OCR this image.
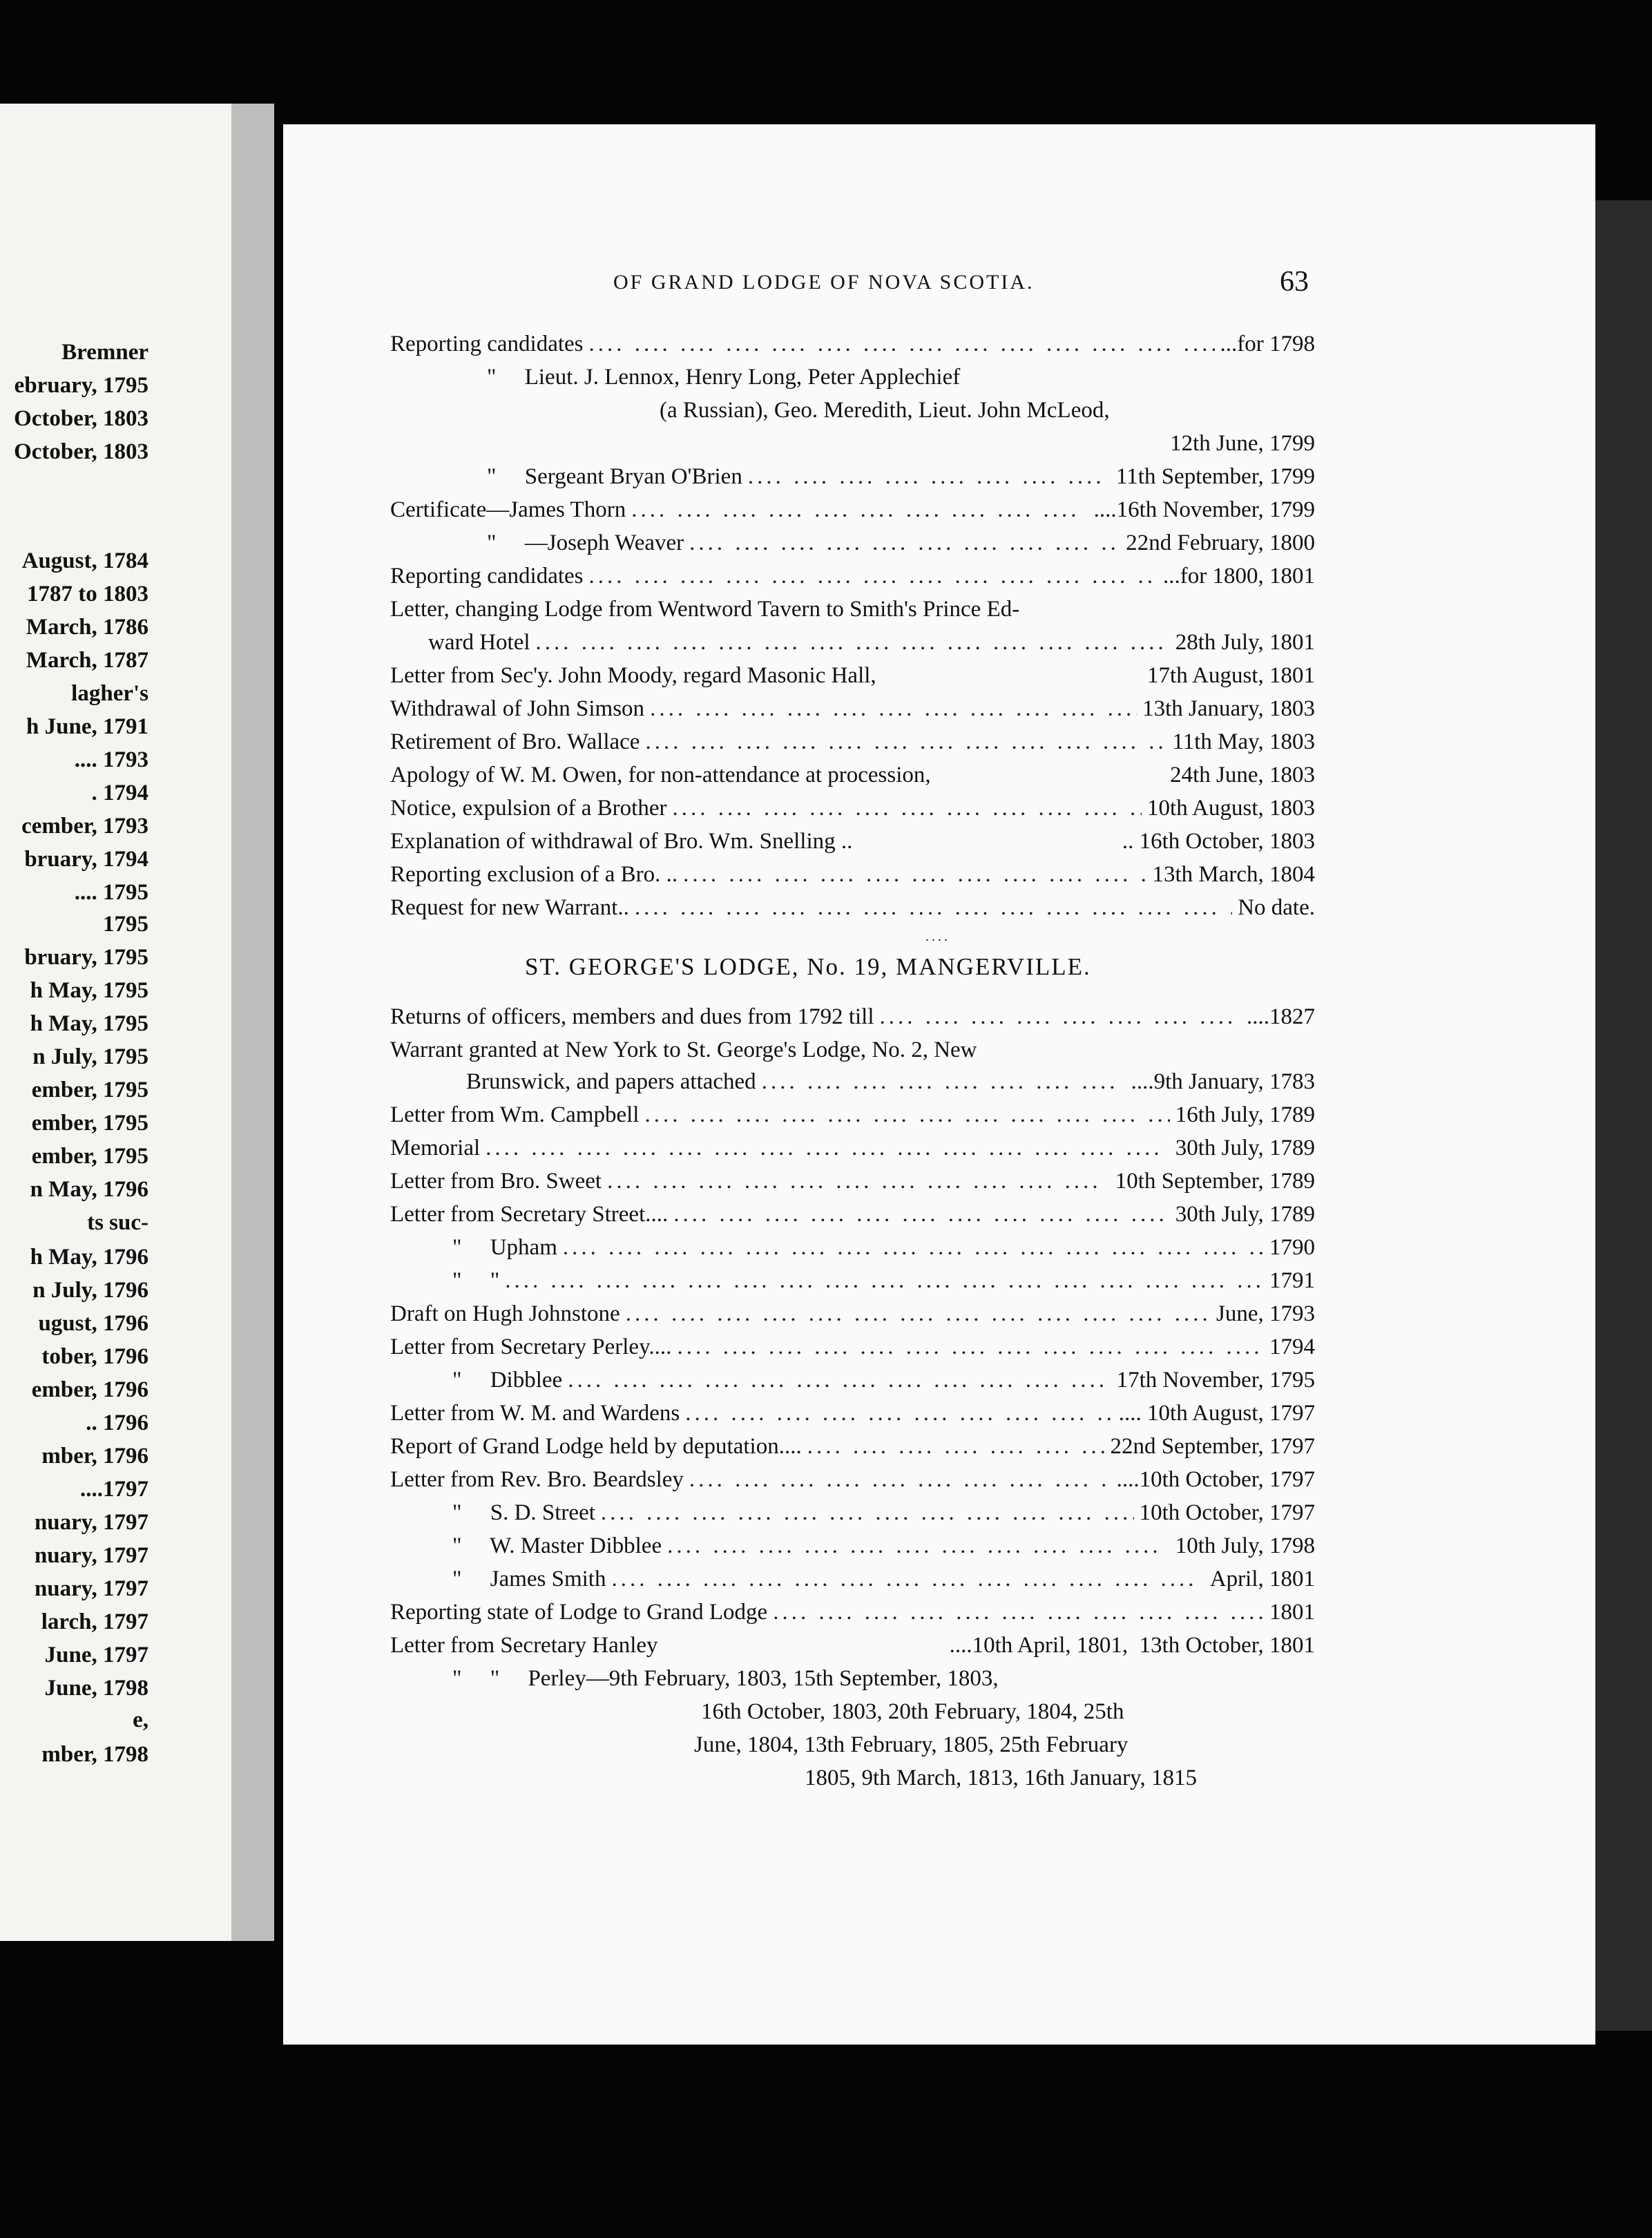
Bremner
ebruary, 1795
October, 1803
October, 1803
August, 1784
1787 to 1803
March, 1786
March, 1787
lagher's
h June, 1791
.... 1793
. 1794
cember, 1793
bruary, 1794
.... 1795
1795
bruary, 1795
h May, 1795
h May, 1795
n July, 1795
ember, 1795
ember, 1795
ember, 1795
n May, 1796
ts suc-
h May, 1796
n July, 1796
ugust, 1796
tober, 1796
ember, 1796
.. 1796
mber, 1796
....1797
nuary, 1797
nuary, 1797
nuary, 1797
larch, 1797
June, 1797
June, 1798
e,
mber, 1798
OF GRAND LODGE OF NOVA SCOTIA.	63
Reporting candidates ....	...for 1798
"     Lieut. J. Lennox, Henry Long, Peter Applechief
(a Russian), Geo. Meredith, Lieut. John McLeod,
12th June, 1799
"     Sergeant Bryan O'Brien ....	11th September, 1799
Certificate—James Thorn ....	....16th November, 1799
"     —Joseph Weaver ....	22nd February, 1800
Reporting candidates ....	...for 1800, 1801
Letter, changing Lodge from Wentword Tavern to Smith's Prince Ed-
ward Hotel ....	28th July, 1801
Letter from Sec'y. John Moody, regard Masonic Hall,	17th August, 1801
Withdrawal of John Simson ....	13th January, 1803
Retirement of Bro. Wallace ....	11th May, 1803
Apology of W. M. Owen, for non-attendance at procession,	24th June, 1803
Notice, expulsion of a Brother ....	10th August, 1803
Explanation of withdrawal of Bro. Wm. Snelling ..	.. 16th October, 1803
Reporting exclusion of a Bro. .. ....	13th March, 1804
Request for new Warrant.. ....	No date.
....
ST. GEORGE'S LODGE, No. 19, MANGERVILLE.
Returns of officers, members and dues from 1792 till ....	....1827
Warrant granted at New York to St. George's Lodge, No. 2, New
Brunswick, and papers attached ....	....9th January, 1783
Letter from Wm. Campbell ....	16th July, 1789
Memorial ....	30th July, 1789
Letter from Bro. Sweet ....	10th September, 1789
Letter from Secretary Street.... ....	30th July, 1789
"     Upham ....	1790
"     " ....	1791
Draft on Hugh Johnstone ....	June, 1793
Letter from Secretary Perley.... ....	1794
"     Dibblee ....	17th November, 1795
Letter from W. M. and Wardens ....	.... 10th August, 1797
Report of Grand Lodge held by deputation.... ....	22nd September, 1797
Letter from Rev. Bro. Beardsley ....	....10th October, 1797
"     S. D. Street ....	10th October, 1797
"     W. Master Dibblee ....	10th July, 1798
"     James Smith ....	April, 1801
Reporting state of Lodge to Grand Lodge ....	1801
Letter from Secretary Hanley	....10th April, 1801,  13th October, 1801
"     "     Perley—9th February, 1803, 15th September, 1803,
16th October, 1803, 20th February, 1804, 25th
June, 1804, 13th February, 1805, 25th February
1805, 9th March, 1813, 16th January, 1815
